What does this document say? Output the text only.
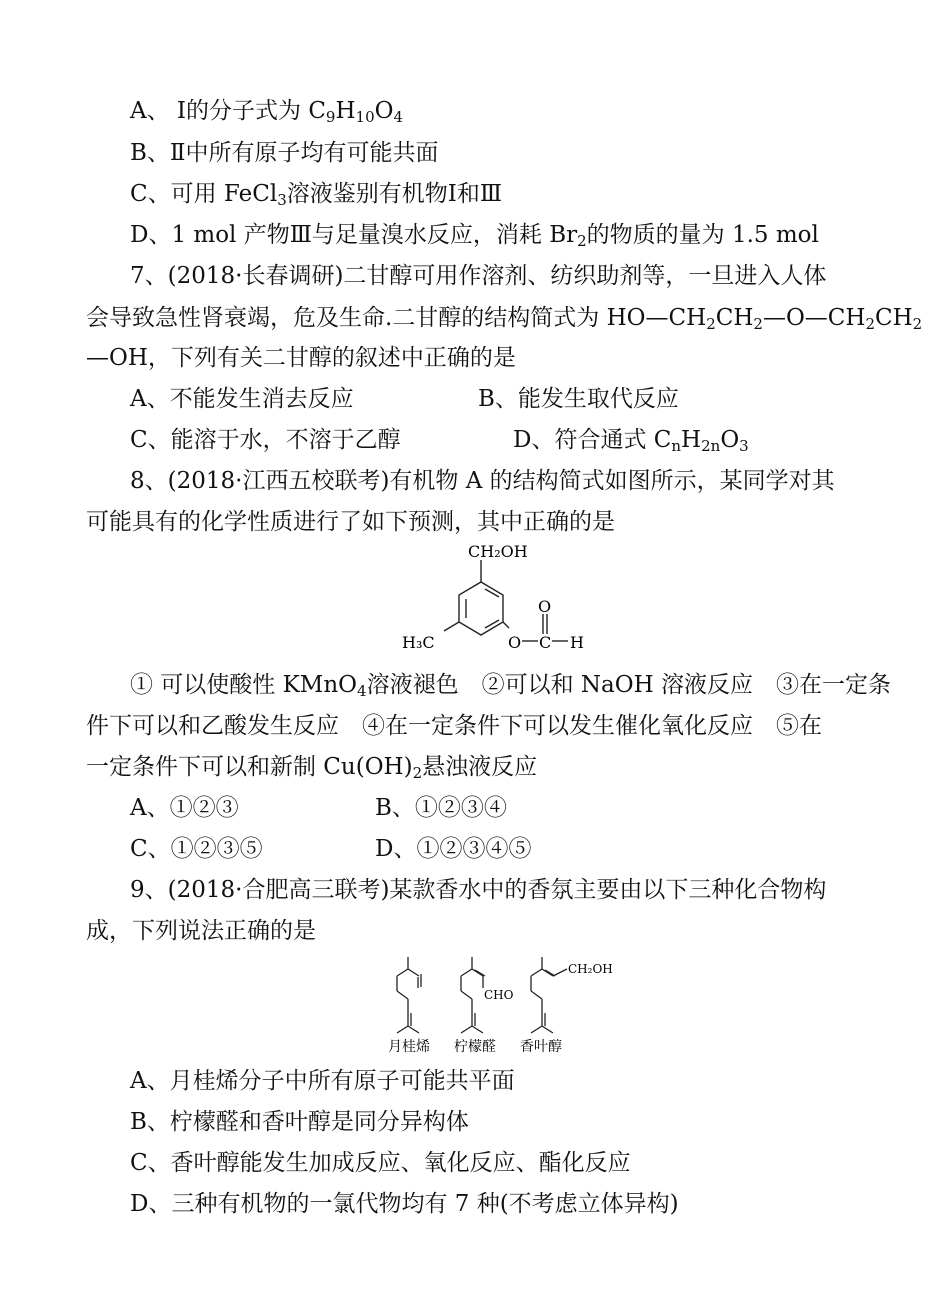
A、 Ⅰ的分子式为 $C_9H_{10}O_4$
B、Ⅱ中所有原子均有可能共面
C、可用 FeCl$_3$溶液鉴别有机物Ⅰ和Ⅲ
D、1 mol 产物Ⅲ与足量溴水反应，消耗 $Br_2$的物质的量为 1.5 mol
7、(2018·长春调研)二甘醇可用作溶剂、纺织助剂等，一旦进入人体
会导致急性肾衰竭，危及生命.二甘醇的结构简式为 $HO—CH_2CH_2—O—CH_2CH_2$
—OH，下列有关二甘醇的叙述中正确的是
A、不能发生消去反应	B、能发生取代反应
C、能溶于水，不溶于乙醇	D、符合通式 $C_nH_{2n}O_3$
8、(2018·江西五校联考)有机物 A 的结构简式如图所示，某同学对其
可能具有的化学性质进行了如下预测，其中正确的是
CH₂OH
H₃C	O
O
C H
① 可以使酸性 KMnO$_4$溶液褪色　②可以和 NaOH 溶液反应　③在一定条
件下可以和乙酸发生反应　④在一定条件下可以发生催化氧化反应　⑤在
一定条件下可以和新制 $Cu(OH)_2$悬浊液反应
A、①②③	B、①②③④
C、①②③⑤	D、①②③④⑤
9、(2018·合肥高三联考)某款香水中的香氛主要由以下三种化合物构
成，下列说法正确的是
CHO
CH₂OH
月桂烯 柠檬醛 香叶醇
A、月桂烯分子中所有原子可能共平面
B、柠檬醛和香叶醇是同分异构体
C、香叶醇能发生加成反应、氧化反应、酯化反应
D、三种有机物的一氯代物均有 7 种(不考虑立体异构)
